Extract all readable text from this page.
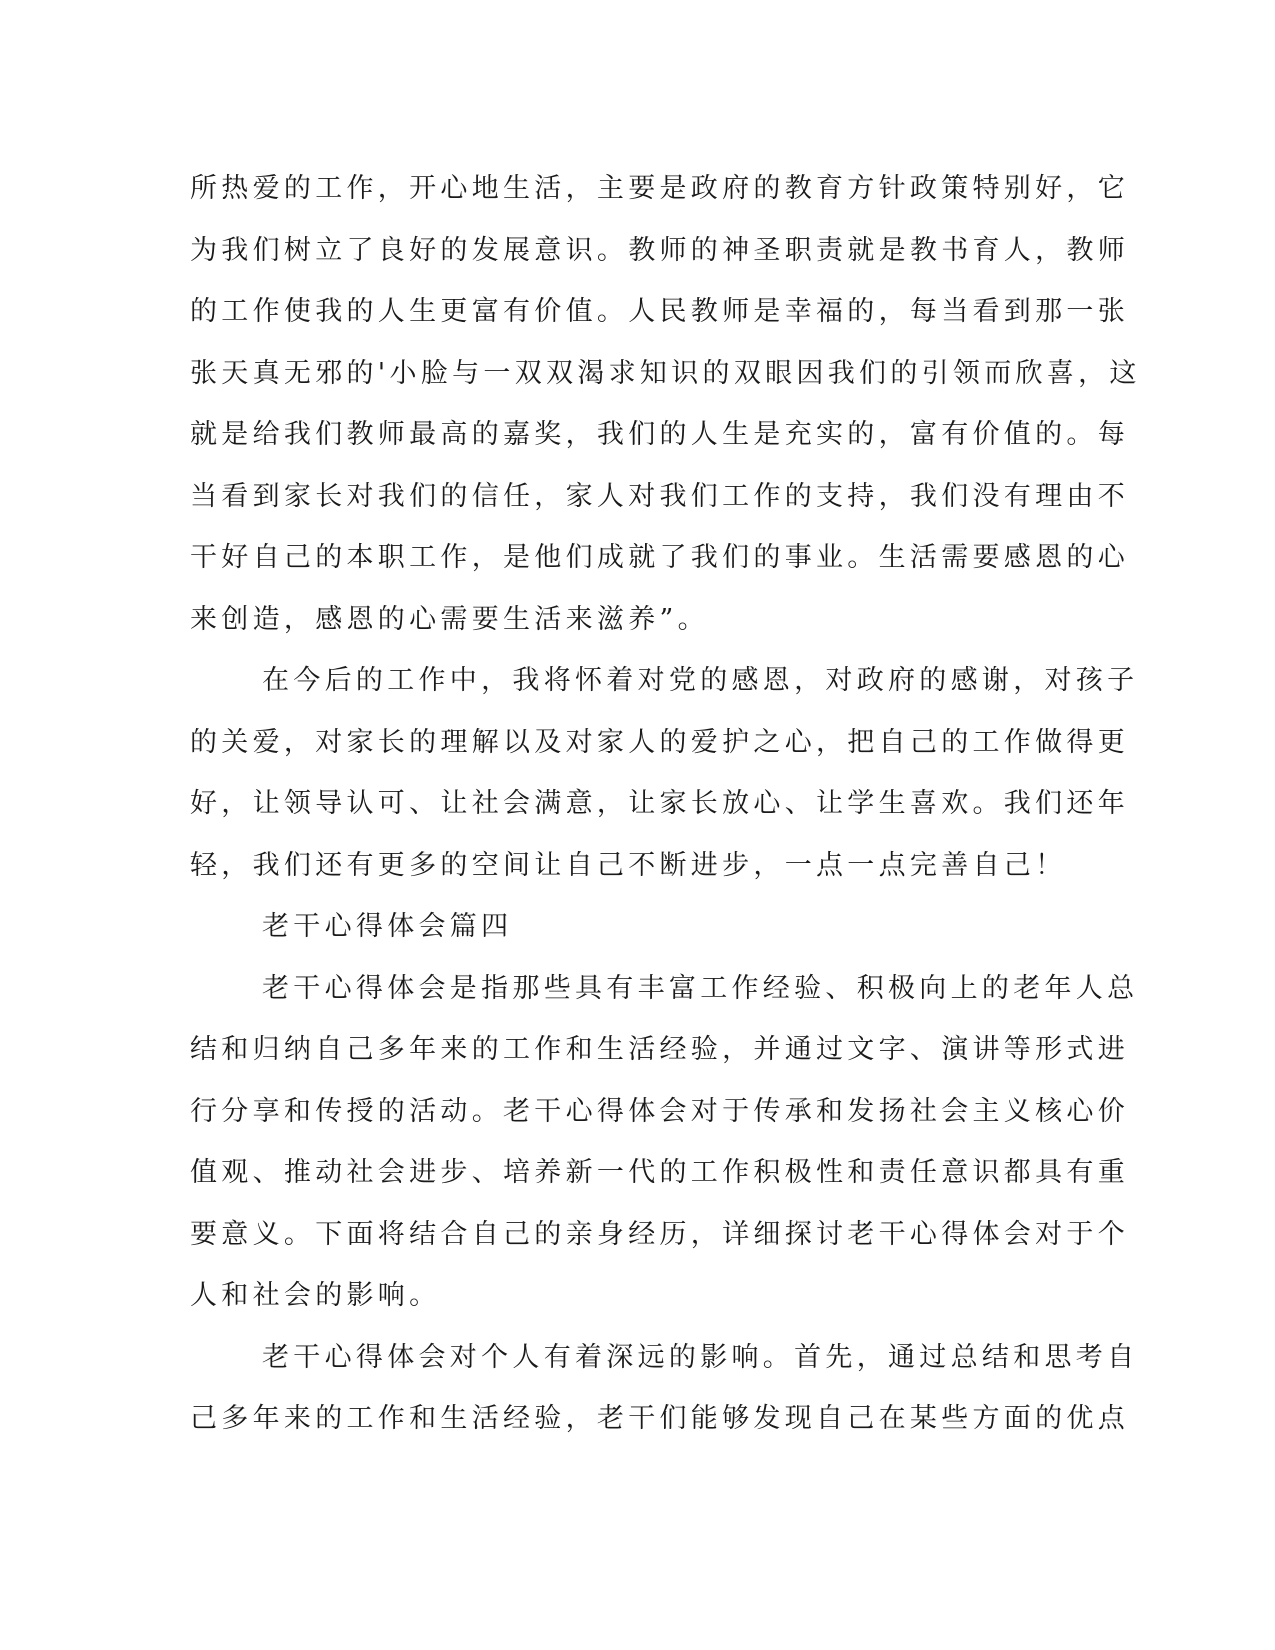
所热爱的工作，开心地生活，主要是政府的教育方针政策特别好，它
为我们树立了良好的发展意识。教师的神圣职责就是教书育人，教师
的工作使我的人生更富有价值。人民教师是幸福的，每当看到那一张
张天真无邪的'小脸与一双双渴求知识的双眼因我们的引领而欣喜，这
就是给我们教师最高的嘉奖，我们的人生是充实的，富有价值的。每
当看到家长对我们的信任，家人对我们工作的支持，我们没有理由不
干好自己的本职工作，是他们成就了我们的事业。生活需要感恩的心
来创造，感恩的心需要生活来滋养”。
在今后的工作中，我将怀着对党的感恩，对政府的感谢，对孩子
的关爱，对家长的理解以及对家人的爱护之心，把自己的工作做得更
好，让领导认可、让社会满意，让家长放心、让学生喜欢。我们还年
轻，我们还有更多的空间让自己不断进步，一点一点完善自己！
老干心得体会篇四
老干心得体会是指那些具有丰富工作经验、积极向上的老年人总
结和归纳自己多年来的工作和生活经验，并通过文字、演讲等形式进
行分享和传授的活动。老干心得体会对于传承和发扬社会主义核心价
值观、推动社会进步、培养新一代的工作积极性和责任意识都具有重
要意义。下面将结合自己的亲身经历，详细探讨老干心得体会对于个
人和社会的影响。
老干心得体会对个人有着深远的影响。首先，通过总结和思考自
己多年来的工作和生活经验，老干们能够发现自己在某些方面的优点
